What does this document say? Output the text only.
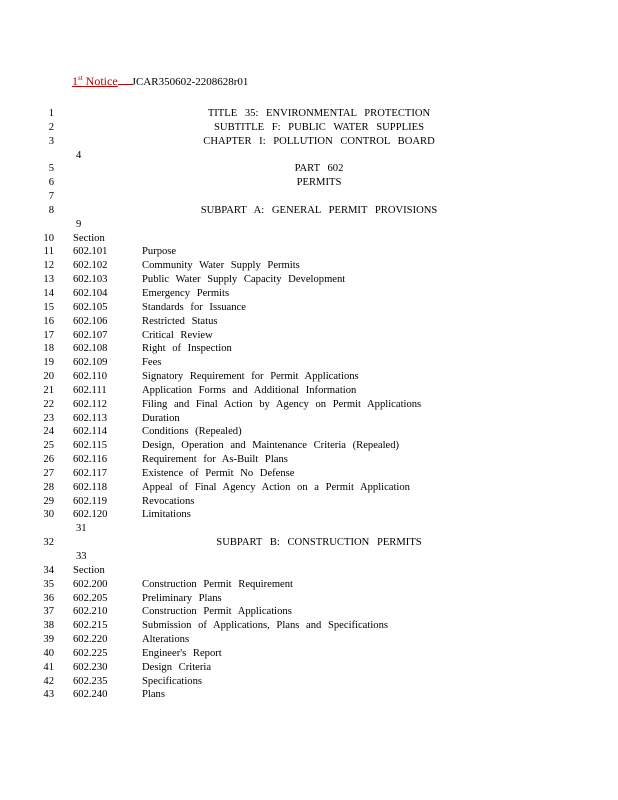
1st Notice JCAR350602-2208628r01
1	TITLE 35: ENVIRONMENTAL PROTECTION
2	SUBTITLE F: PUBLIC WATER SUPPLIES
3	CHAPTER I: POLLUTION CONTROL BOARD
4
5	PART 602
6	PERMITS
7
8	SUBPART A: GENERAL PERMIT PROVISIONS
9
10 Section
11 602.101	Purpose
12 602.102	Community Water Supply Permits
13 602.103	Public Water Supply Capacity Development
14 602.104	Emergency Permits
15 602.105	Standards for Issuance
16 602.106	Restricted Status
17 602.107	Critical Review
18 602.108	Right of Inspection
19 602.109	Fees
20 602.110	Signatory Requirement for Permit Applications
21 602.111	Application Forms and Additional Information
22 602.112	Filing and Final Action by Agency on Permit Applications
23 602.113	Duration
24 602.114	Conditions (Repealed)
25 602.115	Design, Operation and Maintenance Criteria (Repealed)
26 602.116	Requirement for As-Built Plans
27 602.117	Existence of Permit No Defense
28 602.118	Appeal of Final Agency Action on a Permit Application
29 602.119	Revocations
30 602.120	Limitations
31
32	SUBPART B: CONSTRUCTION PERMITS
33
34 Section
35 602.200	Construction Permit Requirement
36 602.205	Preliminary Plans
37 602.210	Construction Permit Applications
38 602.215	Submission of Applications, Plans and Specifications
39 602.220	Alterations
40 602.225	Engineer's Report
41 602.230	Design Criteria
42 602.235	Specifications
43 602.240	Plans
